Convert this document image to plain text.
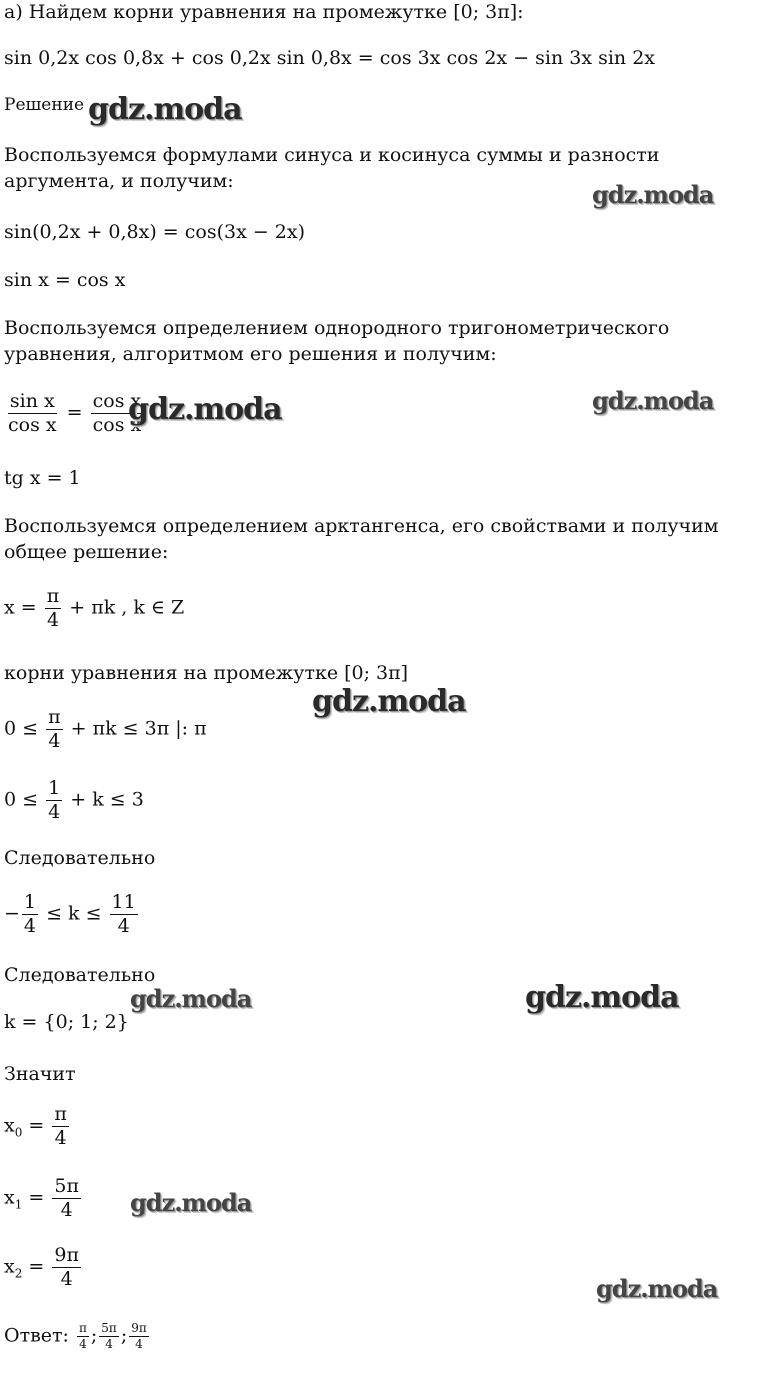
а) Найдем корни уравнения на промежутке [0; 3π]:
sin 0,2x cos 0,8x + cos 0,2x sin 0,8x = cos 3x cos 2x − sin 3x sin 2x
Решение
Воспользуемся формулами синуса и косинуса суммы и разности аргумента, и получим:
sin(0,2x + 0,8x) = cos(3x − 2x)
sin x = cos x
Воспользуемся определением однородного тригонометрического уравнения, алгоритмом его решения и получим:
$\frac{\text{sin x}}{\text{cos x}} = \frac{\text{cos x}}{\text{cos x}}$
tg x = 1
Воспользуемся определением арктангенса, его свойствами и получим общее решение:
$x = \frac{\pi}{4} + \pi k$ , k ∈ Z
корни уравнения на промежутке [0; 3π]
$0 \le \frac{\pi}{4} + \pi k \le 3\pi$ |: π
$0 \le \frac{1}{4} + k \le 3$
Следовательно
− $\frac{1}{4} \le k \le \frac{11}{4}$
Следовательно
k = {0; 1; 2}
Значит
$x_0 = \frac{\pi}{4}$
$x_1 = \frac{5\pi}{4}$
$x_2 = \frac{9\pi}{4}$
Ответ: $\frac{\pi}{4}$ ; $\frac{5\pi}{4}$ ; $\frac{9\pi}{4}$
gdz.moda
gdz.moda
gdz.moda	gdz.moda
gdz.moda
gdz.moda	gdz.moda
gdz.moda
gdz.moda
